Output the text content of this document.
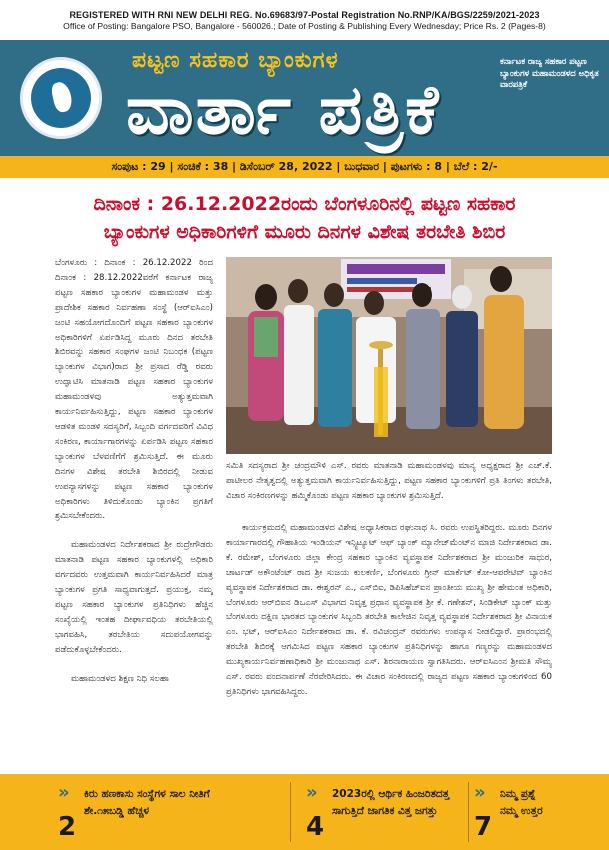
REGISTERED WITH RNI NEW DELHI REG. No.69683/97-Postal Registration No.RNP/KA/BGS/2259/2021-2023
Office of Posting: Bangalore PSO, Bangalore - 560026.; Date of Posting & Publishing Every Wednesday; Price Rs. 2 (Pages-8)
ಪಟ್ಟಣ ಸಹಕಾರ ಬ್ಯಾಂಕುಗಳ
ವಾರ್ತಾ ಪತ್ರಿಕೆ
ಕರ್ನಾಟಕ ರಾಜ್ಯ ಸಹಕಾರ ಪಟ್ಟಣ ಬ್ಯಾಂಕುಗಳ ಮಹಾಮಂಡಳದ ಅಧಿಕೃತ ವಾರಪತ್ರಿಕೆ
ಸಂಪುಟ : 29 | ಸಂಚಿಕೆ : 38 | ಡಿಸೆಂಬರ್ 28, 2022 | ಬುಧವಾರ | ಪುಟಗಳು : 8 | ಬೆಲೆ : 2/-
ದಿನಾಂಕ : 26.12.2022ರಂದು ಬೆಂಗಳೂರಿನಲ್ಲಿ ಪಟ್ಟಣ ಸಹಕಾರ
ಬ್ಯಾಂಕುಗಳ ಅಧಿಕಾರಿಗಳಿಗೆ ಮೂರು ದಿನಗಳ ವಿಶೇಷ ತರಬೇತಿ ಶಿಬಿರ

ಬೆಂಗಳೂರು : ದಿನಾಂಕ : 26.12.2022 ರಿಂದ ದಿನಾಂಕ : 28.12.2022ವರೆಗೆ ಕರ್ನಾಟಕ ರಾಜ್ಯ ಪಟ್ಟಣ ಸಹಕಾರ ಬ್ಯಾಂಕುಗಳ ಮಹಾಮಂಡಳ ಮತ್ತು ಪ್ರಾದೇಶಿಕ ಸಹಕಾರ ನಿರ್ವಹಣಾ ಸಂಸ್ಥೆ (ಆರ್‌ಐಸಿಎಂ) ಜಂಟಿ ಸಹಯೋಗದೊಂದಿಗೆ ಪಟ್ಟಣ ಸಹಕಾರ ಬ್ಯಾಂಕುಗಳ ಅಧಿಕಾರಿಗಳಿಗೆ ಏರ್ಪಡಿಸಿದ್ದ ಮೂರು ದಿನದ ತರಬೇತಿ ಶಿಬಿರವನ್ನು ಸಹಕಾರ ಸಂಘಗಳ ಜಂಟಿ ನಿಬಂಧಕ (ಪಟ್ಟಣ ಬ್ಯಾಂಕುಗಳ ವಿಭಾಗ)ರಾದ ಶ್ರೀ ಪ್ರಸಾದ ರೆಡ್ಡಿ ರವರು ಉದ್ಘಾಟಿಸಿ ಮಾತನಾಡಿ ಪಟ್ಟಣ ಸಹಕಾರ ಬ್ಯಾಂಕುಗಳ ಮಹಾಮಂಡಳವು ಅತ್ಯುತ್ತಮವಾಗಿ ಕಾರ್ಯನಿರ್ವಹಿಸುತ್ತಿದ್ದು, ಪಟ್ಟಣ ಸಹಕಾರ ಬ್ಯಾಂಕುಗಳ ಆಡಳಿತ ಮಂಡಳಿ ಸದಸ್ಯರಿಗೆ, ಸಿಬ್ಬಂದಿ ವರ್ಗದವರಿಗೆ ವಿವಿಧ ಸಂಕಿರಣ, ಕಾರ್ಯಾಗಾರಗಳನ್ನು ಏರ್ಪಡಿಸಿ ಪಟ್ಟಣ ಸಹಕಾರ ಬ್ಯಾಂಕುಗಳ ಬೆಳವಣಿಗೆಗೆ ಶ್ರಮಿಸುತ್ತಿದೆ. ಈ ಮೂರು ದಿನಗಳ ವಿಶೇಷ ತರಬೇತಿ ಶಿಬಿರದಲ್ಲಿ ನೀಡುವ ಉಪನ್ಯಾಸಗಳನ್ನು ಪಟ್ಟಣ ಸಹಕಾರ ಬ್ಯಾಂಕುಗಳ ಅಧಿಕಾರಿಗಳು ತಿಳಿದುಕೊಂಡು ಬ್ಯಾಂಕಿನ ಪ್ರಗತಿಗೆ ಶ್ರಮಿಸಬೇಕೆಂದರು.

ಮಹಾಮಂಡಳದ ನಿರ್ದೇಶಕರಾದ ಶ್ರೀ ರುದ್ರೇಗೌಡರು ಮಾತನಾಡಿ ಪಟ್ಟಣ ಸಹಕಾರ ಬ್ಯಾಂಕುಗಳಲ್ಲಿ ಅಧಿಕಾರಿ ವರ್ಗದವರು ಉತ್ತಮವಾಗಿ ಕಾರ್ಯನಿರ್ವಹಿಸಿದರೆ ಮಾತ್ರ ಬ್ಯಾಂಕುಗಳ ಪ್ರಗತಿ ಸಾಧ್ಯವಾಗುತ್ತದೆ. ಪ್ರಯುಕ್ತ, ನಮ್ಮ ಪಟ್ಟಣ ಸಹಕಾರ ಬ್ಯಾಂಕುಗಳ ಪ್ರತಿನಿಧಿಗಳು ಹೆಚ್ಚಿನ ಸಂಖ್ಯೆಯಲ್ಲಿ ಇಂತಹ ದೀರ್ಘಾವಧಿಯ ತರಬೇತಿಯಲ್ಲಿ ಭಾಗವಹಿಸಿ, ತರಬೇತಿಯ ಸದುಪಯೋಗವನ್ನು ಪಡೆದುಕೊಳ್ಳಬೇಕೆಂದರು.

ಮಹಾಮಂಡಳದ ಶಿಕ್ಷಣ ನಿಧಿ ಸಲಹಾ

ಸಮಿತಿ ಸದಸ್ಯರಾದ ಶ್ರೀ ಚಂದ್ರಮೌಳಿ ಎಸ್. ರವರು ಮಾತನಾಡಿ ಮಹಾಮಂಡಳವು ಮಾನ್ಯ ಅಧ್ಯಕ್ಷರಾದ ಶ್ರೀ ಎಚ್.ಕೆ. ಪಾಟೀಲರ ನೇತೃತ್ವದಲ್ಲಿ ಅತ್ಯುತ್ತಮವಾಗಿ ಕಾರ್ಯನಿರ್ವಹಿಸುತ್ತಿದ್ದು, ಪಟ್ಟಣ ಸಹಕಾರ ಬ್ಯಾಂಕುಗಳಿಗೆ ಪ್ರತಿ ತಿಂಗಳು ತರಬೇತಿ, ವಿಚಾರ ಸಂಕಿರಣಗಳನ್ನು ಹಮ್ಮಿಕೊಂಡು ಪಟ್ಟಣ ಸಹಕಾರ ಬ್ಯಾಂಕುಗಳ ಶ್ರಮಿಸುತ್ತಿದೆ.

ಕಾರ್ಯಕ್ರಮದಲ್ಲಿ ಮಹಾಮಂಡಳದ ವಿಶೇಷ ಅಧ್ಯಾಸಿಕರಾದ ರಘುನಾಥ ಸಿ. ರವರು ಉಪಸ್ಥಿತರಿದ್ದರು. ಮೂರು ದಿನಗಳ ಕಾರ್ಯಾಗಾರದಲ್ಲಿ ಗೌಹಾತಿಯ ಇಂಡಿಯನ್ ಇನ್ಸ್ಟಿಟ್ಯೂಟ್ ಆಫ್ ಬ್ಯಾಂಕ್ ಮ್ಯಾನೇಜ್‌ಮೆಂಟ್‌ನ ಮಾಜಿ ನಿರ್ದೇಶಕರಾದ ಡಾ. ಕೆ. ರಮೇಶ್, ಬೆಂಗಳೂರು ಜಿಲ್ಲಾ ಕೇಂದ್ರ ಸಹಕಾರ ಬ್ಯಾಂಕಿನ ವ್ಯವಸ್ಥಾಪಕ ನಿರ್ದೇಶಕರಾದ ಶ್ರೀ ಮಂಜುರಿಕ ಸಾಧುರ, ಚಾರ್ಟಡ್ ಅಕೌಂಟೆಂಟ್ ರಾದ ಶ್ರೀ ಸುಜಯ ಕುಲಕರ್ಣಿ, ಬೆಂಗಳೂರು ಗ್ರೀನ್ ಮಾರ್ಕೆಟ್ ಕೋ-ಆಪರೇಟಿವ್ ಬ್ಯಾಂಕಿನ ವ್ಯವಸ್ಥಾಪಕ ನಿರ್ದೇಶಕರಾದ ಡಾ. ಈಶ್ವರನ್ ಎ., ಎಸ್‌ಬಿಐ, ಡಿಪಿಸಿಹೆಚ್‌ಐನ ಪ್ರಾಂತೀಯ ಮುಖ್ಯ ಶ್ರೀ ಹೇಮಂತ ಅಧಿಕಾರಿ, ಬೆಂಗಳೂರು ಆರ್‌ಬಿಐನ ಡಿಒಎಸ್ ವಿಭಾಗದ ನಿವೃತ್ತ ಪ್ರಧಾನ ವ್ಯವಸ್ಥಾಪಕ ಶ್ರೀ ಕೆ. ಗಣೇಶನ್, ಸಿಂಡಿಕೇಟ್ ಬ್ಯಾಂಕ್ ಮತ್ತು ಬೆಂಗಳೂರು ದಕ್ಷಿಣ ಭಾರತದ ಬ್ಯಾಂಕುಗಳ ಸಿಬ್ಬಂದಿ ತರಬೇತಿ ಕಾಲೇಜಿನ ನಿವೃತ್ತ ವ್ಯವಸ್ಥಾಪಕ ನಿರ್ದೇಶಕರಾದ ಶ್ರೀ ವಿನಾಯಕ ಎಂ. ಭಟ್, ಆರ್‌ಐಸಿಎಂ ನಿರ್ದೇಶಕರಾದ ಡಾ. ಕೆ. ರವಿಚಂದ್ರನ್ ರವರುಗಳು ಉಪನ್ಯಾಸ ನೀಡಲಿದ್ದಾರೆ. ಪ್ರಾರಂಭದಲ್ಲಿ ತರಬೇತಿ ಶಿಬಿರಕ್ಕೆ ಆಗಮಿಸಿದ ಪಟ್ಟಣ ಸಹಕಾರ ಬ್ಯಾಂಕುಗಳ ಪ್ರತಿನಿಧಿಗಳನ್ನು ಹಾಗೂ ಗಣ್ಯರನ್ನು ಮಹಾಮಂಡಳದ ಮುಖ್ಯಕಾರ್ಯನಿರ್ವಹಣಾಧಿಕಾರಿ ಶ್ರೀ ಮಂಜುನಾಥ ಎಸ್. ಶಿರನಾರಾಯಣ ಸ್ವಾಗತಿಸಿದರು. ಆರ್‌ಐಸಿಎಂನ ಶ್ರೀಮತಿ ಸೌಮ್ಯ ಎಸ್. ರವರು ವಂದನಾರ್ಪಣೆ ನೆರವೇರಿಸಿದರು. ಈ ವಿಚಾರ ಸಂಕಿರಣದಲ್ಲಿ ರಾಜ್ಯದ ಪಟ್ಟಣ ಸಹಕಾರ ಬ್ಯಾಂಕುಗಳಿಂದ 60 ಪ್ರತಿನಿಧಿಗಳು ಭಾಗವಹಿಸಿದ್ದರು.

»
2
ಕಿರು ಹಣಕಾಸು ಸಂಸ್ಥೆಗಳ ಸಾಲ ನೀತಿಗೆ
ಶೇ.೧೫ಬಡ್ಡಿ ಹೆಚ್ಚಳ
»
4
2023ರಲ್ಲಿ ಆರ್ಥಿಕ ಹಿಂಜರಿತದತ್ತ
ಸಾಗುತ್ತಿದೆ ಜಾಗತಿಕ ವಿತ್ತ ಜಗತ್ತು
»
7
ನಿಮ್ಮ ಪ್ರಶ್ನೆ
ನಮ್ಮ ಉತ್ತರ
